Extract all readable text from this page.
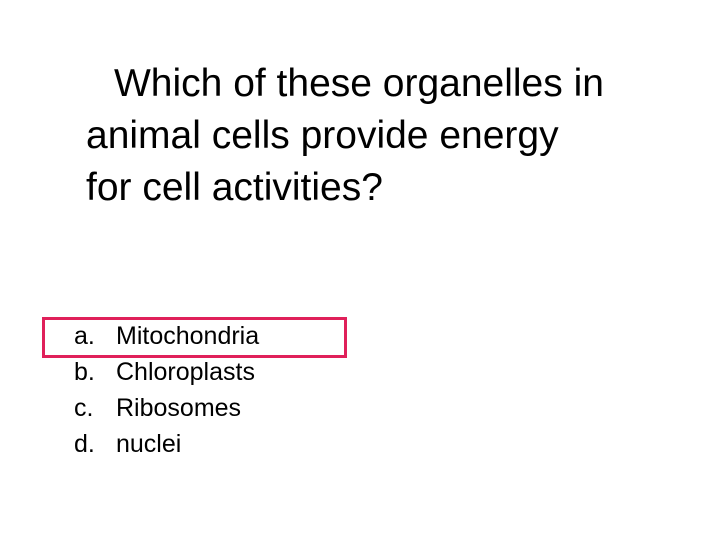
Which of these organelles in
animal cells provide energy
for cell activities?
a. Mitochondria
b. Chloroplasts
c. Ribosomes
d. nuclei
